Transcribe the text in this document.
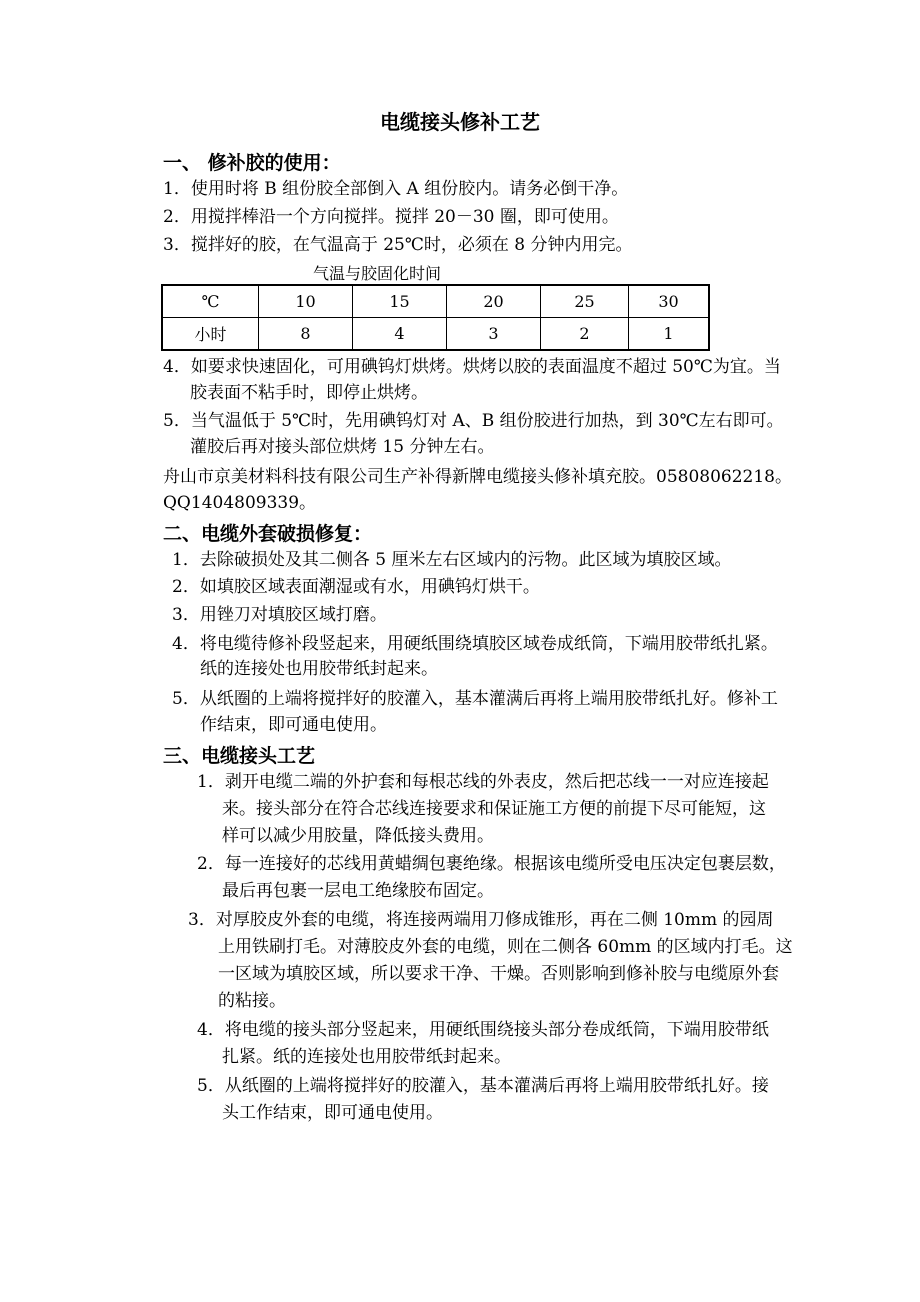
电缆接头修补工艺
一、 修补胶的使用：
1．使用时将 B 组份胶全部倒入 A 组份胶内。请务必倒干净。
2．用搅拌棒沿一个方向搅拌。搅拌 20－30 圈，即可使用。
3．搅拌好的胶，在气温高于 25℃时，必须在 8 分钟内用完。
气温与胶固化时间
℃	10	15	20	25	30
小时	8	4	3	2	1
4．如要求快速固化，可用碘钨灯烘烤。烘烤以胶的表面温度不超过 50℃为宜。当
胶表面不粘手时，即停止烘烤。
5．当气温低于 5℃时，先用碘钨灯对 A、B 组份胶进行加热，到 30℃左右即可。
灌胶后再对接头部位烘烤 15 分钟左右。
舟山市京美材料科技有限公司生产补得新牌电缆接头修补填充胶。05808062218。
QQ1404809339。
二、电缆外套破损修复：
1．去除破损处及其二侧各 5 厘米左右区域内的污物。此区域为填胶区域。
2．如填胶区域表面潮湿或有水，用碘钨灯烘干。
3．用锉刀对填胶区域打磨。
4．将电缆待修补段竖起来，用硬纸围绕填胶区域卷成纸筒，下端用胶带纸扎紧。
纸的连接处也用胶带纸封起来。
5．从纸圈的上端将搅拌好的胶灌入，基本灌满后再将上端用胶带纸扎好。修补工
作结束，即可通电使用。
三、电缆接头工艺
1．剥开电缆二端的外护套和每根芯线的外表皮，然后把芯线一一对应连接起
来。接头部分在符合芯线连接要求和保证施工方便的前提下尽可能短，这
样可以减少用胶量，降低接头费用。
2．每一连接好的芯线用黄蜡绸包裹绝缘。根据该电缆所受电压决定包裹层数，
最后再包裹一层电工绝缘胶布固定。
3．对厚胶皮外套的电缆，将连接两端用刀修成锥形，再在二侧 10mm 的园周
上用铁刷打毛。对薄胶皮外套的电缆，则在二侧各 60mm 的区域内打毛。这
一区域为填胶区域，所以要求干净、干燥。否则影响到修补胶与电缆原外套
的粘接。
4．将电缆的接头部分竖起来，用硬纸围绕接头部分卷成纸筒，下端用胶带纸
扎紧。纸的连接处也用胶带纸封起来。
5．从纸圈的上端将搅拌好的胶灌入，基本灌满后再将上端用胶带纸扎好。接
头工作结束，即可通电使用。
